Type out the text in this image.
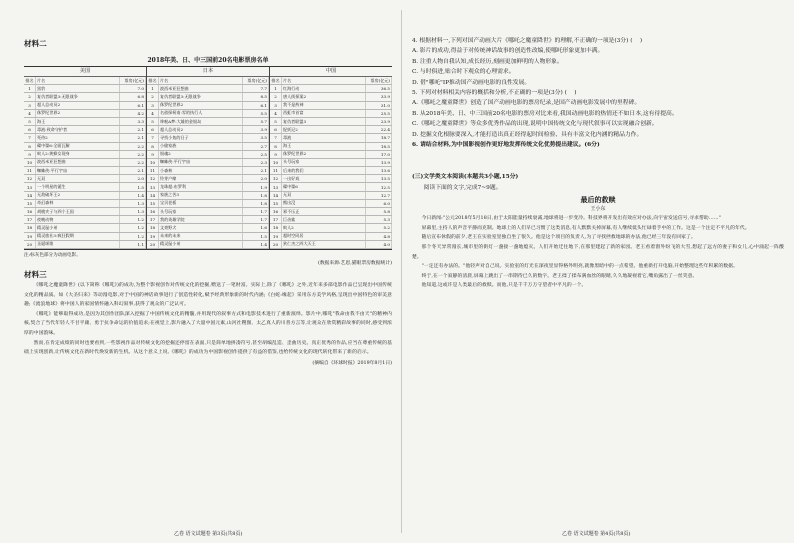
材料二
2018年美、日、中三国前20名电影票房名单
美国
排名	片名	票房(亿元)
1	黑豹	7.0
2	复仇者联盟3:无限战争	6.8
3	超人总动员2	6.1
4	侏罗纪世界2	4.2
5	海王	3.3
6	毒液:致命守护者	2.1
7	死侍2	2.1
8	碟中谍6:全面瓦解	2.2
9	蚁人2:黄蜂女现身	2.2
10	波西米亚狂想曲	2.2
11	蜘蛛侠:平行宇宙	2.1
12	无双	2.0
13	一个明星的诞生	1.5
14	无敌破坏王2	1.4
15	奇幻森林	1.3
16	胡桃夹子与四个王国	1.3
17	夜晚动物	1.2
18	精灵鼠小弟	1.2
19	精灵旅社3:疯狂假期	1.2
20	圣诞颂歌	1.1
日本
排名	片名	票房(亿元)
1	波西米亚狂想曲	7.7
2	复仇者联盟3:无限战争	8.5
3	侏罗纪世界2	6.1
4	名侦探柯南:零的执行人	5.5
5	哆啦A梦:大雄的金银岛	5.7
6	超人总动员2	3.9
7	寻找小鱼的日子	3.5
8	小偷家族	2.7
9	银魂2	2.5
10	蜘蛛侠:平行宇宙	2.3
11	小森林	2.1
12	铃芽户缔	2.0
13	龙珠超:布罗利	1.9
14	家族之苦3	1.8
15	宝贝老板	1.8
16	头号玩家	1.7
17	我的英雄学院	1.7
18	文豪野犬	1.6
19	未来的未来	1.5
20	精灵鼠小弟	1.4
中国
排名	片名	票房(亿元)
1	红海行动	36.5
2	唐人街探案2	33.9
3	我不是药神	31.0
4	西虹市首富	25.5
5	复仇者联盟3	23.9
6	捉妖记2	22.4
7	毒液	18.7
8	海王	18.5
9	侏罗纪世界2	17.0
10	头号玩家	13.9
11	后来的我们	13.6
12	一出好戏	13.5
13	碟中谍6	12.5
14	无双	12.7
15	熊出没	6.0
16	邪不压正	5.8
17	巨齿鲨	5.3
18	蚁人2	5.2
19	超时空同居	4.8
20	狄仁杰之四大天王	4.0
注:标灰色部分为动画电影。
(数据来源:艺恩,猫眼票房数据统计)
材料三

《哪吒之魔童降世》(以下简称《哪吒》)的成功,为整个影视创作对传统文化的挖掘,赠送了一笔财富。实际上,除了《哪吒》之外,近年来多部电影作品已呈现出中国传统文化的精品质。如《大圣归来》等动漫电影,对于中国的神话故事进行了创造性转化,赋予经典形象新的时代内涵;《白蛇:缘起》采用东方美学风格,呈现出中国特色的审美意趣;《流浪地球》将中国人的家国情怀融入科幻叙事,获得了观众的广泛认可。

《哪吒》能够取得成功,是因为其创作团队深入挖掘了中国传统文化的精髓,并用现代的叙事方式和电影技术进行了重新演绎。影片中,哪吒"我命由我不由天"的精神内核,契合了当代年轻人不甘平庸、勇于抗争命运的价值追求;在视觉上,影片融入了大量中国元素,山河社稷图、太乙真人的川普方言等,让观众在欣赏精彩故事的同时,感受到浓厚的中国韵味。

然而,在肯定成绩的同时也要看到,一些影视作品对传统文化的挖掘还停留在表面,只是简单地拼凑符号,甚至胡编乱造、歪曲历史。真正优秀的作品,应当在尊重传统的基础上实现创新,让传统文化在新时代焕发新的生机。从这个意义上说,《哪吒》的成功为中国影视创作提供了有益的借鉴,也给传统文化的现代转化带来了新的启示。

(摘编自《环球时报》2019年8月1日)
乙卷 语文试题卷 第3页(共8页)
4. 根据材料一,下列对国产动画大片《哪吒之魔童降世》的理解,不正确的一项是(3分) (    )
A. 影片的成功,得益于对传统神话故事的创造性改编,使哪吒形象更加丰满。
B. 注重人物自我认知,成长经历,刻画更加鲜明的人物形象。
C. 与时俱进,贴合时下观众的心理需求。
D. 借"哪吒"IP推动国产动画电影的良性发展。
5. 下列对材料相关内容的概括和分析,不正确的一项是(3分) (    )
A.《哪吒之魔童降世》创造了国产动画电影的票房纪录,是国产动画电影发展中的里程碑。
B. 从2018年美、日、中三国前20名电影的票房对比来看,我国动画电影的热情还不如日本,这有待提高。
C.《哪吒之魔童降世》等众多优秀作品的出现,说明中国传统文化与现代叙事可以实现融合创新。
D. 挖掘文化根脉要深入,才能打造出真正经得起时间检验、具有丰富文化内涵的精品力作。
6. 请结合材料,为中国影视创作更好地发挥传统文化优势提出建议。(6分)
(三)文学类文本阅读(本题共3小题,15分)
阅读下面的文字,完成7~9题。
最后的救赎
王小东

今日新闻:"公元2018年5月18日,由于太阳能量持续衰减,地球将进一步变冷。科技界将开发出有效应对办法,向宇宙发送信号,寻求帮助……"

屏幕里,主持人的声音平静而克制。地球上的人们早已习惯了这类消息,有人默默关掉屏幕,有人继续低头忙碌着手中的工作。这是一个注定不平凡的年代。

随后宣布休假的前夕,老王在实验室里独自坐了很久。他是这个项目的负责人,为了寻找拯救地球的办法,他已经三年没有回家了。

那个冬天异常漫长,城市里的街灯一盏接一盏地熄灭。人们开始迁往地下,在那里建起了新的家园。老王看着窗外纷飞的大雪,想起了远方的妻子和女儿,心中涌起一阵酸楚。

"一定还有办法的。"他轻声对自己说。实验室的灯光在深夜里显得格外明亮,就像黑暗中的一点希望。他重新打开电脑,开始整理这些年积累的数据。

终于,在一个寂静的清晨,屏幕上跳出了一串期待已久的数字。老王揉了揉布满血丝的眼睛,久久地凝视着它,嘴角露出了一丝笑意。

他知道,这或许是人类最后的救赎。而他,只是千千万万守望者中平凡的一个。

乙卷 语文试题卷 第4页(共8页)
